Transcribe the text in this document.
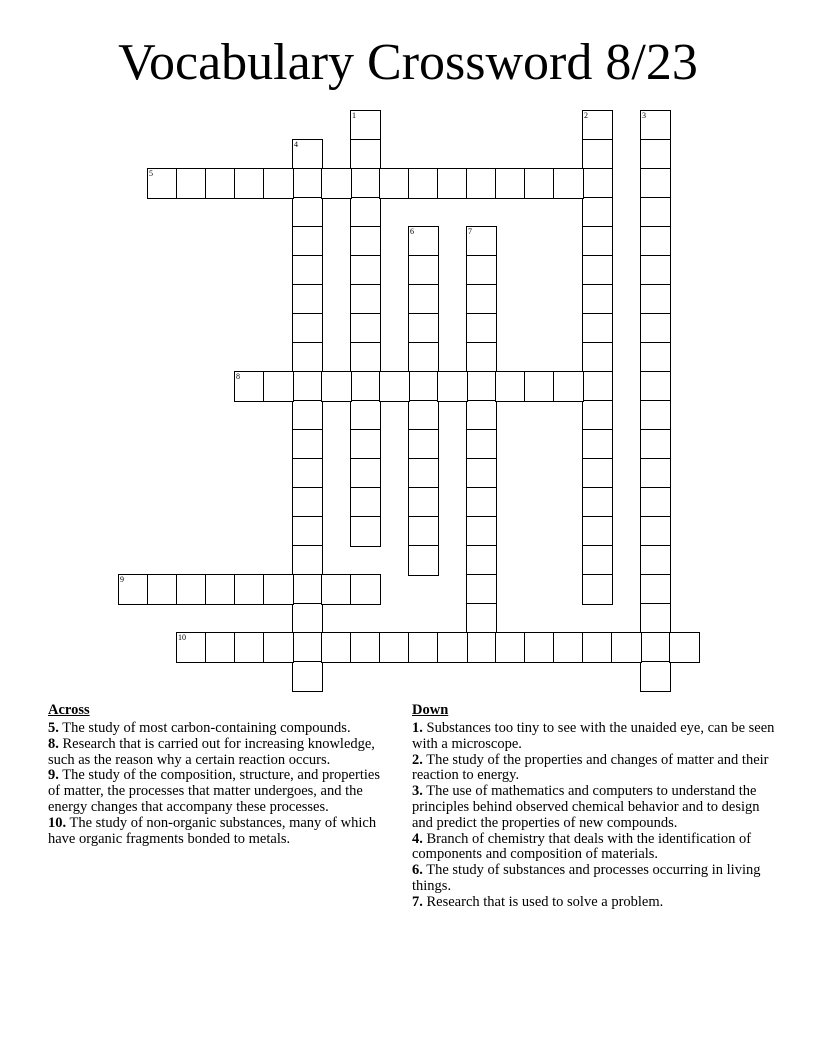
Vocabulary Crossword 8/23
1	2	3
4
5
6	7
8
9
10
Across
5. The study of most carbon-containing compounds.
8. Research that is carried out for increasing knowledge, such as the reason why a certain reaction occurs.
9. The study of the composition, structure, and properties of matter, the processes that matter undergoes, and the energy changes that accompany these processes.
10. The study of non-organic substances, many of which have organic fragments bonded to metals.
Down
1. Substances too tiny to see with the unaided eye, can be seen with a microscope.
2. The study of the properties and changes of matter and their reaction to energy.
3. The use of mathematics and computers to understand the principles behind observed chemical behavior and to design and predict the properties of new compounds.
4. Branch of chemistry that deals with the identification of components and composition of materials.
6. The study of substances and processes occurring in living things.
7. Research that is used to solve a problem.
